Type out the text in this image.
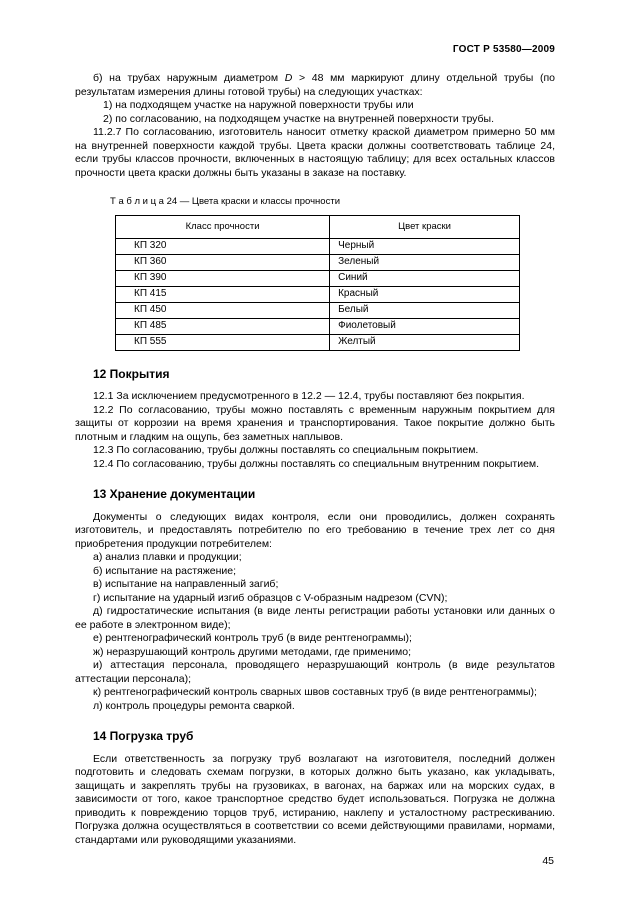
ГОСТ Р 53580—2009

б) на трубах наружным диаметром D > 48 мм маркируют длину отдельной трубы (по результатам измерения длины готовой трубы) на следующих участках:

1) на подходящем участке на наружной поверхности трубы или

2) по согласованию, на подходящем участке на внутренней поверхности трубы.

11.2.7 По согласованию, изготовитель наносит отметку краской диаметром примерно 50 мм на внутренней поверхности каждой трубы. Цвета краски должны соответствовать таблице 24, если трубы классов прочности, включенных в настоящую таблицу; для всех остальных классов прочности цвета краски должны быть указаны в заказе на поставку.

Т а б л и ц а 24 — Цвета краски и классы прочности

Класс прочности	Цвет краски
КП 320	Черный
КП 360	Зеленый
КП 390	Синий
КП 415	Красный
КП 450	Белый
КП 485	Фиолетовый
КП 555	Желтый
12 Покрытия

12.1 За исключением предусмотренного в 12.2 — 12.4, трубы поставляют без покрытия.

12.2 По согласованию, трубы можно поставлять с временным наружным покрытием для защиты от коррозии на время хранения и транспортирования. Такое покрытие должно быть плотным и гладким на ощупь, без заметных наплывов.

12.3 По согласованию, трубы должны поставлять со специальным покрытием.

12.4 По согласованию, трубы должны поставлять со специальным внутренним покрытием.

13 Хранение документации

Документы о следующих видах контроля, если они проводились, должен сохранять изготовитель, и предоставлять потребителю по его требованию в течение трех лет со дня приобретения продукции потребителем:

а) анализ плавки и продукции;

б) испытание на растяжение;

в) испытание на направленный загиб;

г) испытание на ударный изгиб образцов с V-образным надрезом (CVN);

д) гидростатические испытания (в виде ленты регистрации работы установки или данных о ее работе в электронном виде);

е) рентгенографический контроль труб (в виде рентгенограммы);

ж) неразрушающий контроль другими методами, где применимо;

и) аттестация персонала, проводящего неразрушающий контроль (в виде результатов аттестации персонала);

к) рентгенографический контроль сварных швов составных труб (в виде рентгенограммы);

л) контроль процедуры ремонта сваркой.

14 Погрузка труб

Если ответственность за погрузку труб возлагают на изготовителя, последний должен подготовить и следовать схемам погрузки, в которых должно быть указано, как укладывать, защищать и закреплять трубы на грузовиках, в вагонах, на баржах или на морских судах, в зависимости от того, какое транспортное средство будет использоваться. Погрузка не должна приводить к повреждению торцов труб, истиранию, наклепу и усталостному растрескиванию. Погрузка должна осуществляться в соответствии со всеми действующими правилами, нормами, стандартами или руководящими указаниями.

45
